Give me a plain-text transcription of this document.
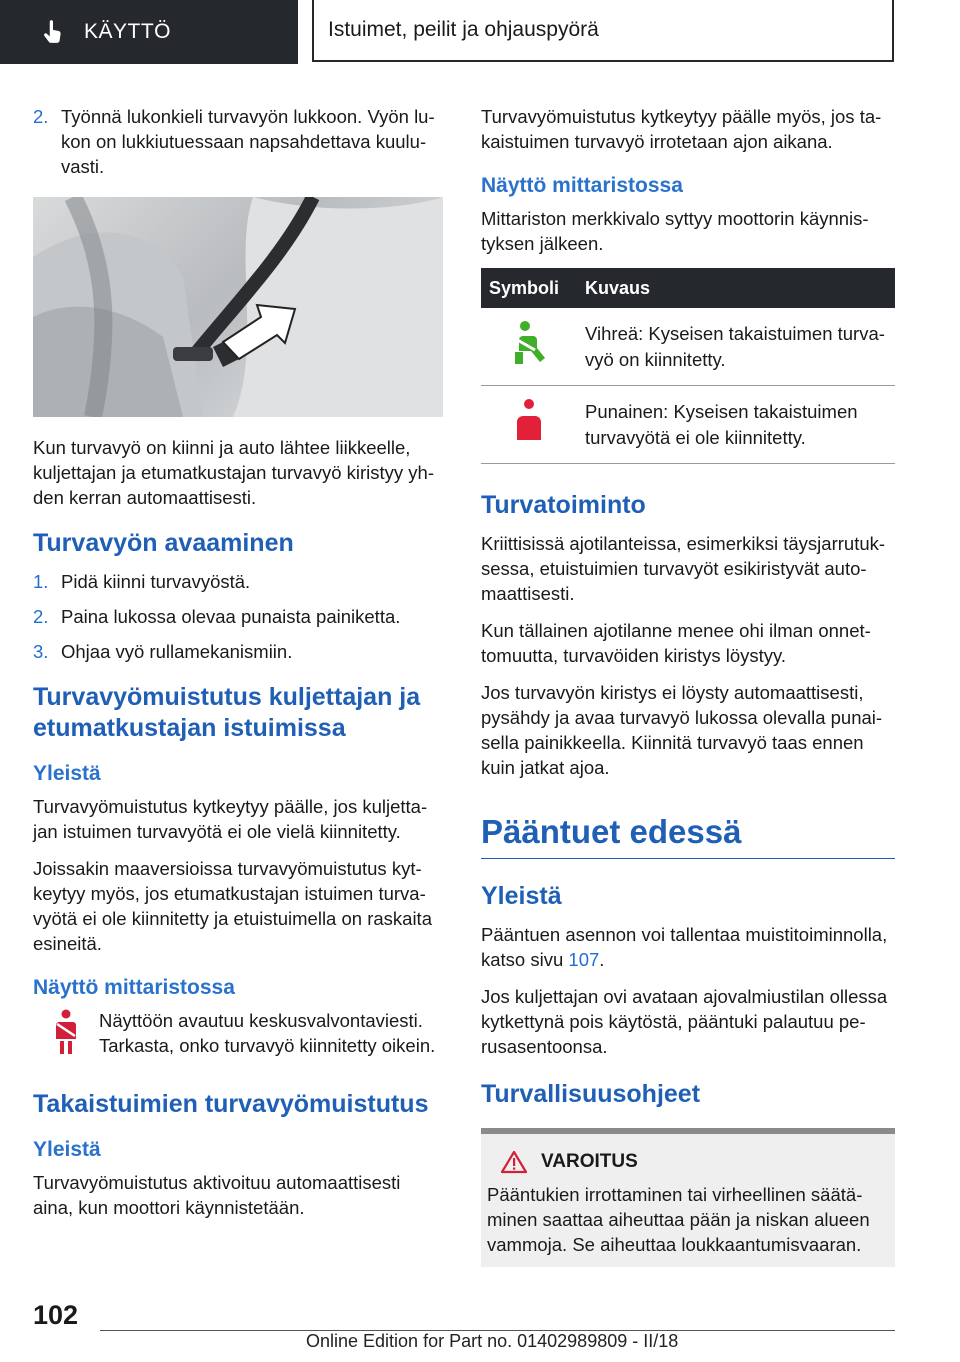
KÄYTTÖ	Istuimet, peilit ja ohjauspyörä
2. Työnnä lukonkieli turvavyön lukkoon. Vyön lukon on lukkiutuessaan napsahdettava kuuluvasti.

Kun turvavyö on kiinni ja auto lähtee liikkeelle, kuljettajan ja etumatkustajan turvavyö kiristyy yhden kerran automaattisesti.

Turvavyön avaaminen
1. Pidä kiinni turvavyöstä.
2. Paina lukossa olevaa punaista painiketta.
3. Ohjaa vyö rullamekanismiin.
Turvavyömuistutus kuljettajan ja etumatkustajan istuimissa
Yleistä

Turvavyömuistutus kytkeytyy päälle, jos kuljettajan istuimen turvavyötä ei ole vielä kiinnitetty.

Joissakin maaversioissa turvavyömuistutus kytkeytyy myös, jos etumatkustajan istuimen turvavyötä ei ole kiinnitetty ja etuistuimella on raskaita esineitä.

Näyttö mittaristossa

Näyttöön avautuu keskusvalvontaviesti. Tarkasta, onko turvavyö kiinnitetty oikein.

Takaistuimien turvavyömuistutus
Yleistä

Turvavyömuistutus aktivoituu automaattisesti aina, kun moottori käynnistetään.

Turvavyömuistutus kytkeytyy päälle myös, jos takaistuimen turvavyö irrotetaan ajon aikana.

Näyttö mittaristossa

Mittariston merkkivalo syttyy moottorin käynnistyksen jälkeen.

Symboli	Kuvaus
	Vihreä: Kyseisen takaistuimen turvavyö on kiinnitetty.
	Punainen: Kyseisen takaistuimen turvavyötä ei ole kiinnitetty.
Turvatoiminto

Kriittisissä ajotilanteissa, esimerkiksi täysjarrutuksessa, etuistuimien turvavyöt esikiristyvät automaattisesti.

Kun tällainen ajotilanne menee ohi ilman onnettomuutta, turvavöiden kiristys löystyy.

Jos turvavyön kiristys ei löysty automaattisesti, pysähdy ja avaa turvavyö lukossa olevalla punaisella painikkeella. Kiinnitä turvavyö taas ennen kuin jatkat ajoa.

Pääntuet edessä
Yleistä

Pääntuen asennon voi tallentaa muistitoiminnolla, katso sivu 107.

Jos kuljettajan ovi avataan ajovalmiustilan ollessa kytkettynä pois käytöstä, pääntuki palautuu perusasentoonsa.

Turvallisuusohjeet
VAROITUS

Pääntukien irrottaminen tai virheellinen säätäminen saattaa aiheuttaa pään ja niskan alueen vammoja. Se aiheuttaa loukkaantumisvaaran.

102
Online Edition for Part no. 01402989809 - II/18
